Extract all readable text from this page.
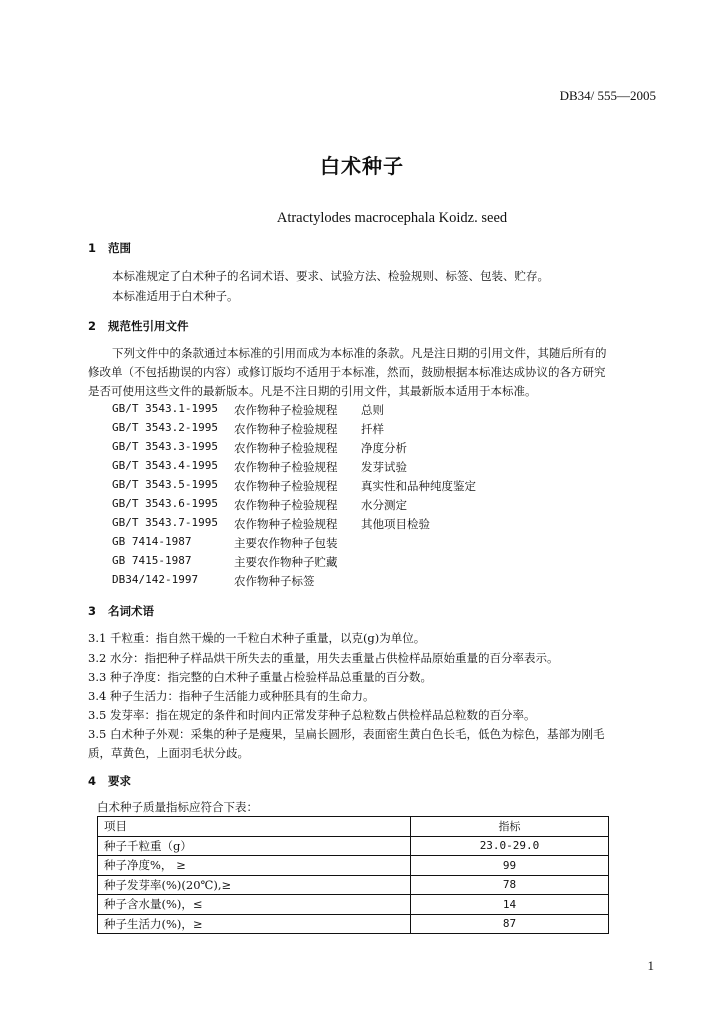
DB34/ 555—2005
白术种子
Atractylodes macrocephala Koidz. seed
1 范围
本标准规定了白术种子的名词术语、要求、试验方法、检验规则、标签、包装、贮存。
本标准适用于白术种子。
2 规范性引用文件
下列文件中的条款通过本标准的引用而成为本标准的条款。凡是注日期的引用文件，其随后所有的
修改单（不包括勘误的内容）或修订版均不适用于本标准，然而，鼓励根据本标准达成协议的各方研究
是否可使用这些文件的最新版本。凡是不注日期的引用文件，其最新版本适用于本标准。
GB/T 3543.1-1995 农作物种子检验规程 总则
GB/T 3543.2-1995 农作物种子检验规程 扦样
GB/T 3543.3-1995 农作物种子检验规程 净度分析
GB/T 3543.4-1995 农作物种子检验规程 发芽试验
GB/T 3543.5-1995 农作物种子检验规程 真实性和品种纯度鉴定
GB/T 3543.6-1995 农作物种子检验规程 水分测定
GB/T 3543.7-1995 农作物种子检验规程 其他项目检验
GB 7414-1987	主要农作物种子包装
GB 7415-1987	主要农作物种子贮藏
DB34/142-1997	农作物种子标签
3 名词术语
3.1 千粒重：指自然干燥的一千粒白术种子重量，以克(g)为单位。
3.2 水分：指把种子样品烘干所失去的重量，用失去重量占供检样品原始重量的百分率表示。
3.3 种子净度：指完整的白术种子重量占检验样品总重量的百分数。
3.4 种子生活力：指种子生活能力或种胚具有的生命力。
3.5 发芽率：指在规定的条件和时间内正常发芽种子总粒数占供检样品总粒数的百分率。
3.5 白术种子外观：采集的种子是瘦果，呈扁长圆形，表面密生黄白色长毛，低色为棕色，基部为刚毛
质，草黄色，上面羽毛状分歧。
4 要求
白术种子质量指标应符合下表：
项目	指标
种子千粒重（g）	23.0-29.0
种子净度%， ≥	99
种子发芽率(%)(20℃),≥	78
种子含水量(%)，≤	14
种子生活力(%)，≥	87
1
